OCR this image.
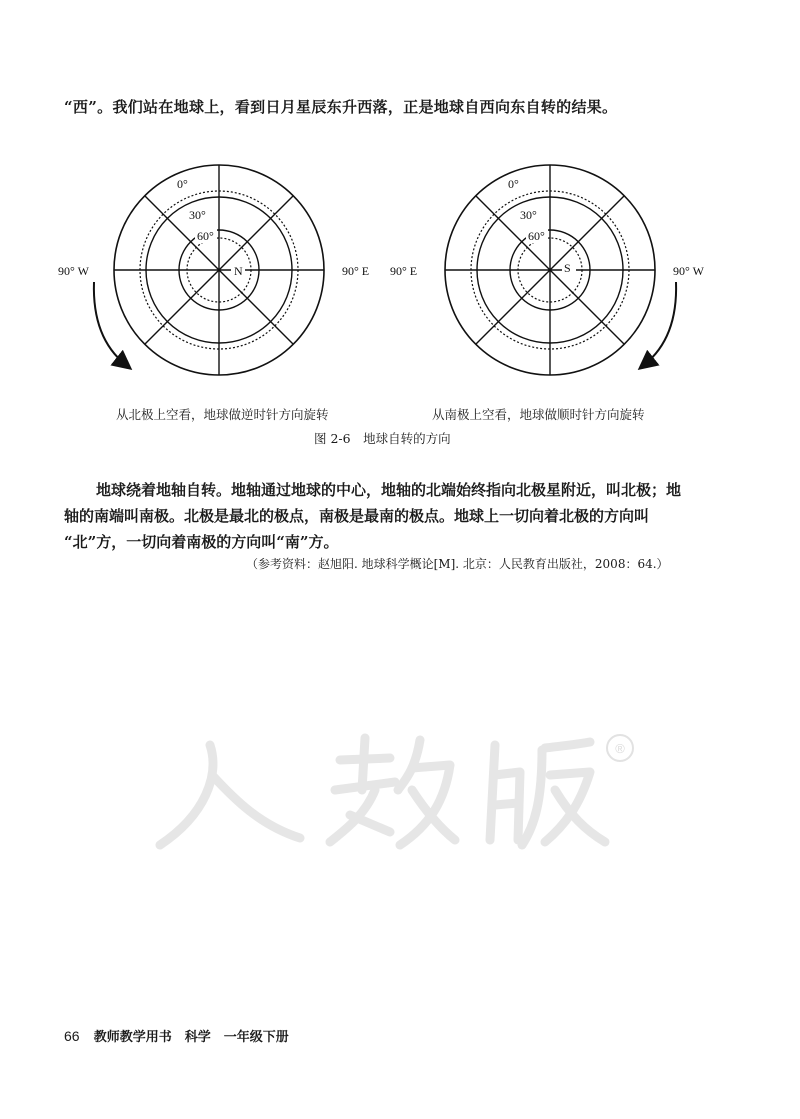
“西”。我们站在地球上，看到日月星辰东升西落，正是地球自西向东自转的结果。
0°
30°
60°
N
90° W	90° E
0°
30°
60°
S
90° E	90° W
从北极上空看，地球做逆时针方向旋转	从南极上空看，地球做顺时针方向旋转
图 2-6　地球自转的方向

地球绕着地轴自转。地轴通过地球的中心，地轴的北端始终指向北极星附近，叫北极；地

轴的南端叫南极。北极是最北的极点，南极是最南的极点。地球上一切向着北极的方向叫

“北”方，一切向着南极的方向叫“南”方。

（参考资料：赵旭阳. 地球科学概论[M]. 北京：人民教育出版社，2008：64.）
®
66 教师教学用书　科学　一年级下册
